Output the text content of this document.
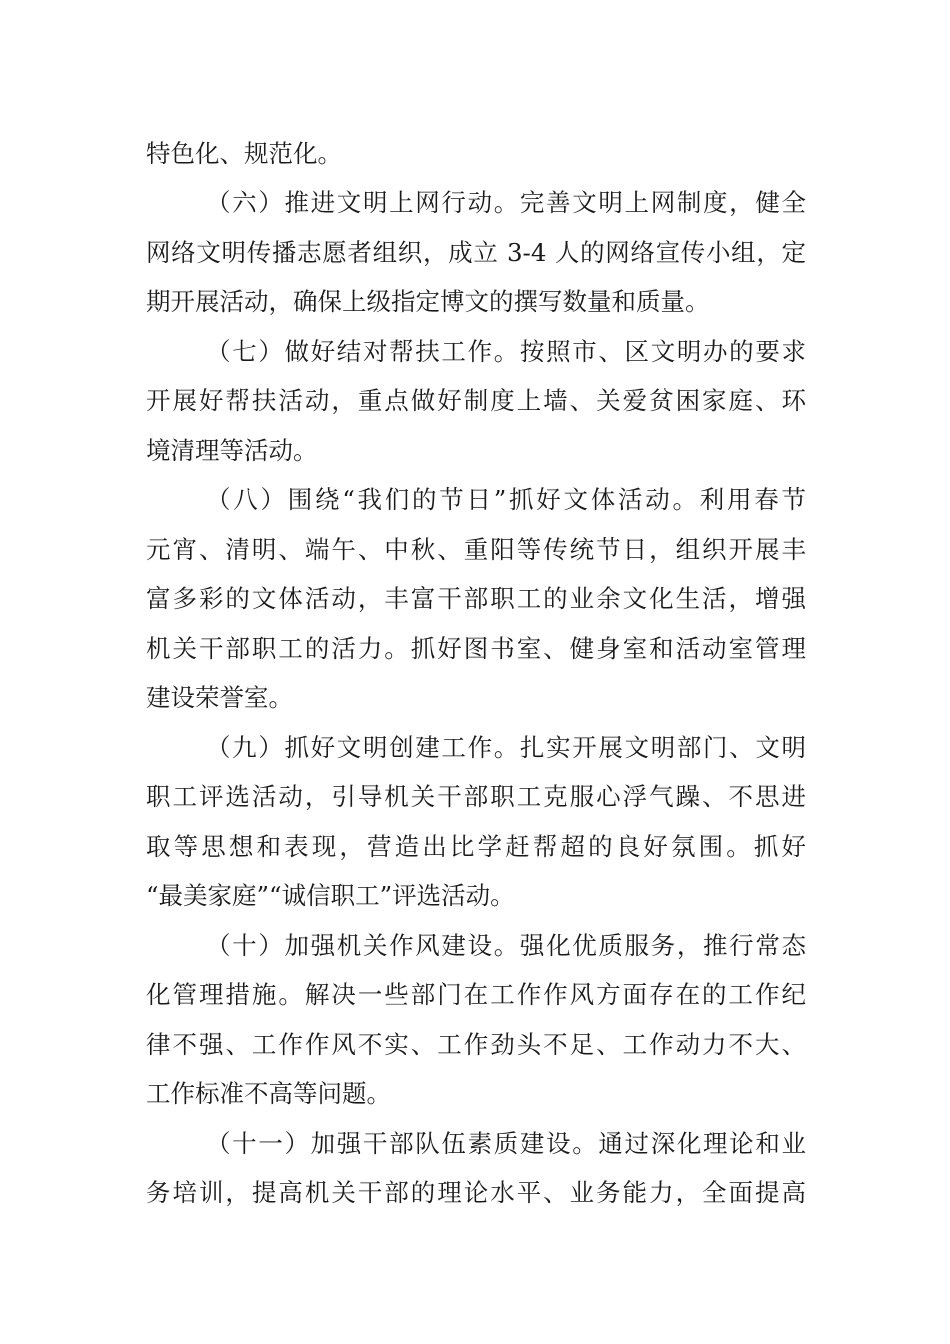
特色化、规范化。
（六）推进文明上网行动。完善文明上网制度，健全
网络文明传播志愿者组织，成立 3-4 人的网络宣传小组，定
期开展活动，确保上级指定博文的撰写数量和质量。
（七）做好结对帮扶工作。按照市、区文明办的要求
开展好帮扶活动，重点做好制度上墙、关爱贫困家庭、环
境清理等活动。
（八）围绕“我们的节日”抓好文体活动。利用春节
元宵、清明、端午、中秋、重阳等传统节日，组织开展丰
富多彩的文体活动，丰富干部职工的业余文化生活，增强
机关干部职工的活力。抓好图书室、健身室和活动室管理
建设荣誉室。
（九）抓好文明创建工作。扎实开展文明部门、文明
职工评选活动，引导机关干部职工克服心浮气躁、不思进
取等思想和表现，营造出比学赶帮超的良好氛围。抓好
“最美家庭”“诚信职工”评选活动。
（十）加强机关作风建设。强化优质服务，推行常态
化管理措施。解决一些部门在工作作风方面存在的工作纪
律不强、工作作风不实、工作劲头不足、工作动力不大、
工作标准不高等问题。
（十一）加强干部队伍素质建设。通过深化理论和业
务培训，提高机关干部的理论水平、业务能力，全面提高
